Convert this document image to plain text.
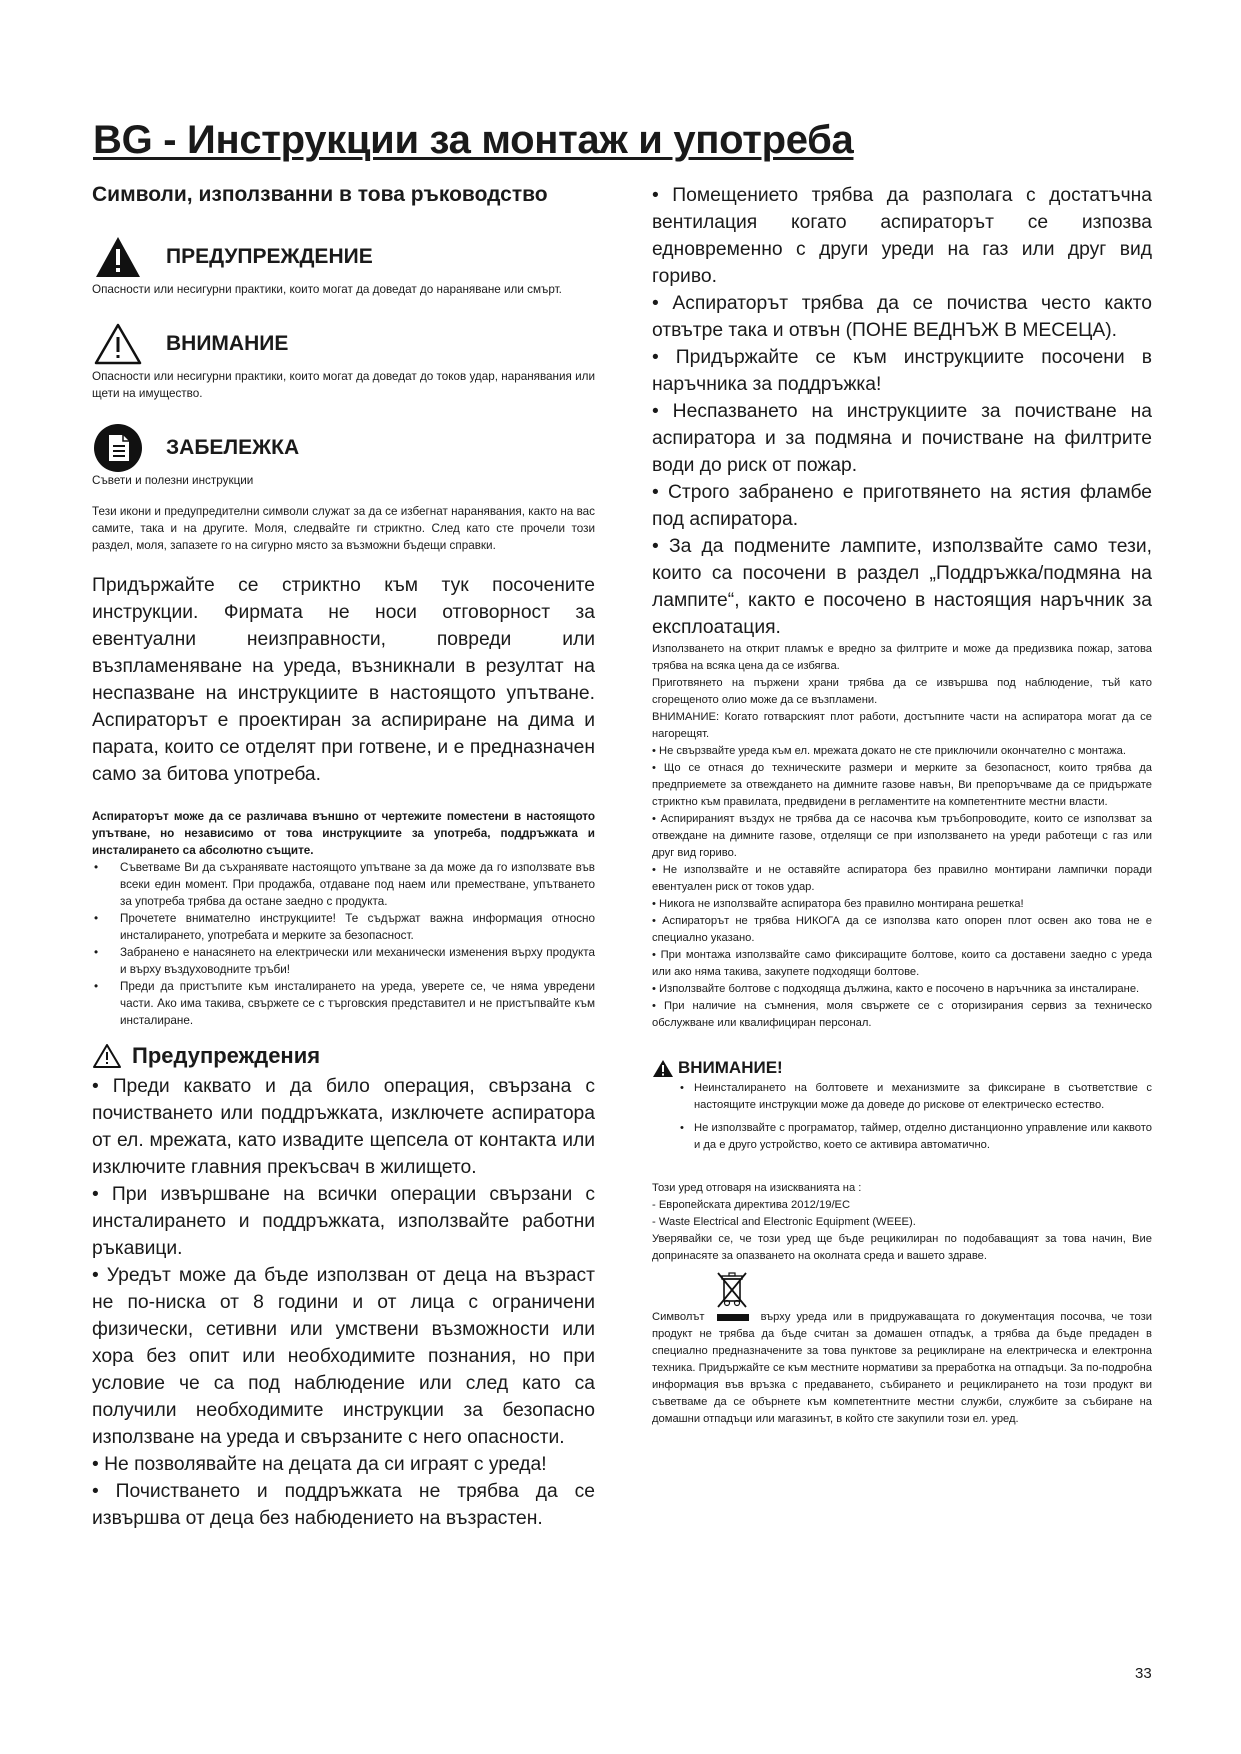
BG - Инструкции за монтаж и употреба
Символи, използванни в това ръководство
ПРЕДУПРЕЖДЕНИЕ

Опасности или несигурни практики, които могат да доведат до нараняване или смърт.

ВНИМАНИЕ

Опасности или несигурни практики, които могат да доведат до токов удар, наранявания или щети на имущество.

ЗАБЕЛЕЖКА

Съвети и полезни инструкции

Тези икони и предупредителни символи служат за да се избегнат наранявания, както на вас самите, така и на другите. Моля, следвайте ги стриктно. След като сте прочели този раздел, моля, запазете го на сигурно място за възможни бъдещи справки.

Придържайте се стриктно към тук посочените инструкции. Фирмата не носи отговорност за евентуални неизправности, повреди или възпламеняване на уреда, възникнали в резултат на неспазване на инструкциите в настоящото упътване. Аспираторът е проектиран за аспириране на дима и парата, които се отделят при готвене, и е предназначен само за битова употреба.

Аспираторът може да се различава външно от чертежите поместени в настоящото упътване, но независимо от това инструкциите за употреба, поддръжката и инсталирането са абсолютно същите.

• Съветваме Ви да съхранявате настоящото упътване за да може да го използвате във всеки един момент. При продажба, отдаване под наем или преместване, упътването за употреба трябва да остане заедно с продукта.
• Прочетете внимателно инструкциите! Те съдържат важна информация относно инсталирането, употребата и мерките за безопасност.
• Забранено е нанасянето на електрически или механически изменения върху продукта и върху въздуховодните тръби!
• Преди да пристъпите към инсталирането на уреда, уверете се, че няма увредени части. Ако има такива, свържете се с търговския представител и не пристъпвайте към инсталиране.
Предупреждения

• Преди каквато и да било операция, свързана с почистването или поддръжката, изключете аспиратора от ел. мрежата, като извадите щепсела от контакта или изключите главния прекъсвач в жилището.

• При извършване на всички операции свързани с инсталирането и поддръжката, използвайте работни ръкавици.

• Уредът може да бъде използван от деца на възраст не по-ниска от 8 години и от лица с ограничени физически, сетивни или умствени възможности или хора без опит или необходимите познания, но при условие че са под наблюдение или след като са получили необходимите инструкции за безопасно използване на уреда и свързаните с него опасности.

• Не позволявайте на децата да си играят с уреда!

• Почистването и поддръжката не трябва да се извършва от деца без набюдението на възрастен.

• Помещението трябва да разполага с достатъчна вентилация когато аспираторът се изпозва едновременно с други уреди на газ или друг вид гориво.

• Аспираторът трябва да се почиства често както отвътре така и отвън (ПОНЕ ВЕДНЪЖ В МЕСЕЦА).

• Придържайте се към инструкциите посочени в наръчника за поддръжка!

• Неспазването на инструкциите за почистване на аспиратора и за подмяна и почистване на филтрите води до риск от пожар.

• Строго забранено е приготвянето на ястия фламбе под аспиратора.

• За да подмените лампите, използвайте само тези, които са посочени в раздел „Поддръжка/подмяна на лампите“, както е посочено в настоящия наръчник за експлоатация.

Използването на открит пламък е вредно за филтрите и може да предизвика пожар, затова трябва на всяка цена да се избягва.

Приготвянето на пържени храни трябва да се извършва под наблюдение, тъй като сгорещеното олио може да се възпламени.

ВНИМАНИЕ: Когато готварският плот работи, достъпните части на аспиратора могат да се нагорещят.

• Не свързвайте уреда към ел. мрежата докато не сте приключили окончателно с монтажа.

• Що се отнася до техническите размери и мерките за безопасност, които трябва да предприемете за отвеждането на димните газове навън, Ви препоръчваме да се придържате стриктно към правилата, предвидени в регламентите на компетентните местни власти.

• Аспирираният въздух не трябва да се насочва към тръбопроводите, които се използват за отвеждане на димните газове, отделящи се при използването на уреди работещи с газ или друг вид гориво.

• Не използвайте и не оставяйте аспиратора без правилно монтирани лампички поради евентуален риск от токов удар.

• Никога не използвайте аспиратора без правилно монтирана решетка!

• Аспираторът не трябва НИКОГА да се използва като опорен плот освен ако това не е специално указано.

• При монтажа използвайте само фиксиращите болтове, които са доставени заедно с уреда или ако няма такива, закупете подходящи болтове.

• Използвайте болтове с подходяща дължина, както е посочено в наръчника за инсталиране.

• При наличие на съмнения, моля свържете се с оторизирания сервиз за техническо обслужване или квалифициран персонал.

ВНИМАНИЕ!
• Неинсталирането на болтовете и механизмите за фиксиране в съответствие с настоящите инструкции може да доведе до рискове от електрическо естество.
• Не използвайте с програматор, таймер, отделно дистанционно управление или каквото и да е друго устройство, което се активира автоматично.
Този уред отговаря на изискванията на :
- Европейската директива 2012/19/EC
- Waste Electrical and Electronic Equipment (WEEE).

Уверявайки се, че този уред ще бъде рецикилиран по подобаващият за това начин, Вие допринасяте за опазването на околната среда и вашето здраве.

Символът	върху уреда или в придружаващата го документация посочва, че този продукт не трябва да бъде считан за домашен отпадък, а трябва да бъде предаден в специално предназначените за това пунктове за рециклиране на електрическа и електронна техника. Придържайте се към местните нормативи за преработка на отпадъци. За по-подробна информация във връзка с предаването, събирането и рециклирането на този продукт ви съветваме да се обърнете към компетентните местни служби, службите за събиране на домашни отпадъци или магазинът, в който сте закупили този ел. уред.

33
